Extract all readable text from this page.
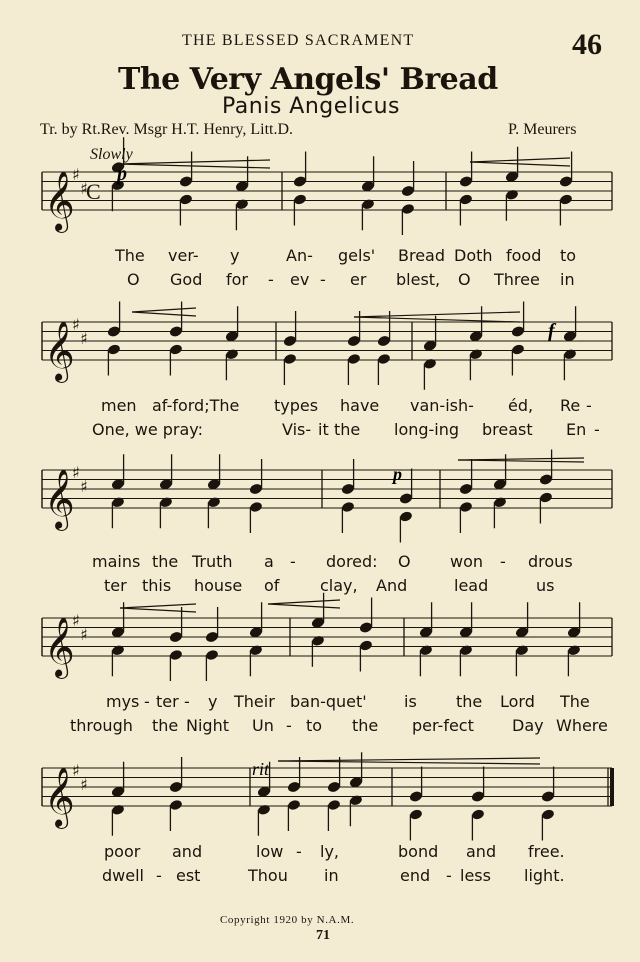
THE BLESSED SACRAMENT	46
The Very Angels' Bread
Panis Angelicus
Tr. by Rt.Rev. Msgr H.T. Henry, Litt.D.	P. Meurers
Slowly
𝄞
♯
♯
C
𝄞
♯
♯
𝄞
♯
♯
𝄞
♯
♯
𝄞
♯
♯
p
p
f
rit
The ver- y	An- gels' Bread Doth food to
O God for - ev - er blest, O Three in
men af-ford;The types have van-ish- éd, Re -
One, we pray:	Vis- it the long-ing breast En -
mains the Truth a - dored: O won - drous
ter this house of	clay, And	lead	us
mys - ter - y Their ban-quet' is the Lord The
through the Night Un - to the per-fect Day Where
poor and	low - ly,	bond and free.
dwell - est	Thou in	end - less light.
Copyright 1920 by N.A.M.
71
